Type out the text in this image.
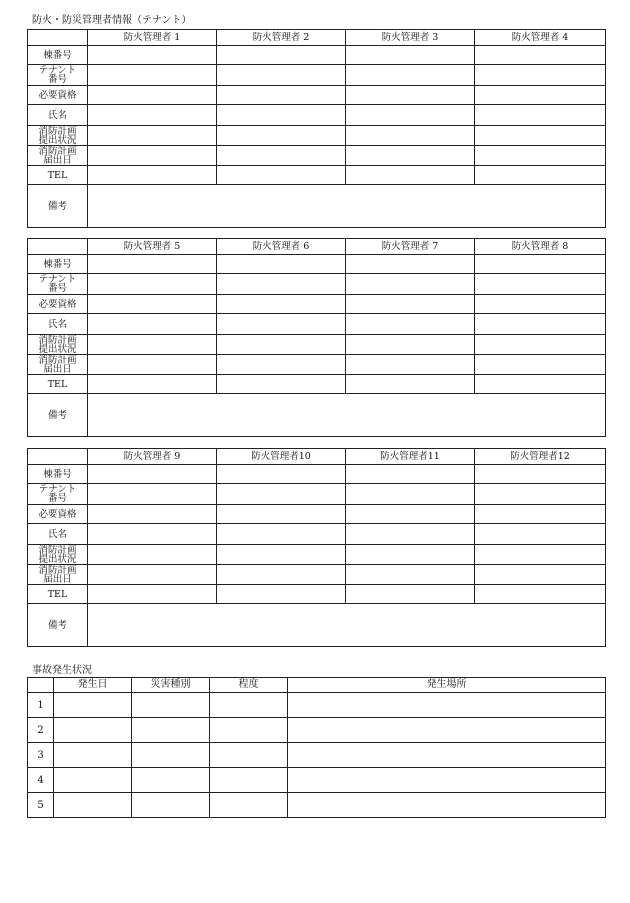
防火・防災管理者情報（テナント）
	防火管理者 1	防火管理者 2	防火管理者 3	防火管理者 4

棟番号				

テナント
番号				

必要資格				

氏名				

消防計画
提出状況				

消防計画
届出日				

TEL				

備考				

	防火管理者 5	防火管理者 6	防火管理者 7	防火管理者 8

棟番号				

テナント
番号				

必要資格				

氏名				

消防計画
提出状況				

消防計画
届出日				

TEL				

備考				

	防火管理者 9	防火管理者10	防火管理者11	防火管理者12

棟番号				

テナント
番号				

必要資格				

氏名				

消防計画
提出状況				

消防計画
届出日				

TEL				

備考				

事故発生状況
	発生日	災害種別	程度	発生場所
1				
2				
3				
4				
5				
